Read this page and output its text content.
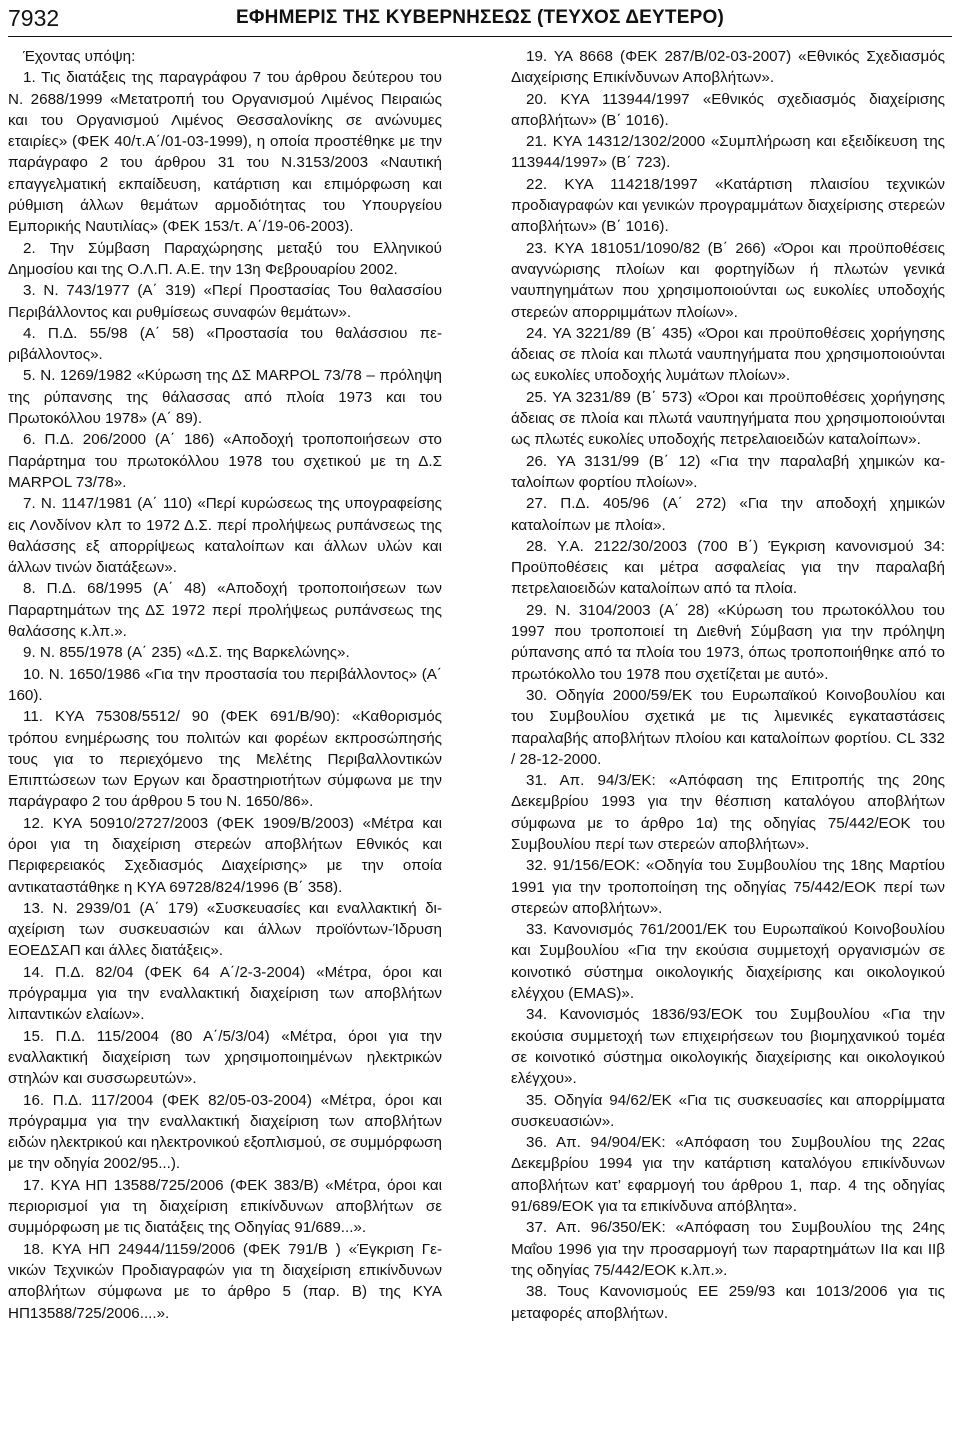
7932	ΕΦΗΜΕΡΙΣ ΤΗΣ ΚΥΒΕΡΝΗΣΕΩΣ (ΤΕΥΧΟΣ ΔΕΥΤΕΡΟ)

Έχοντας υπόψη:

1. Τις διατάξεις της παραγράφου 7 του άρθρου δεύτερου του Ν. 2688/1999 «Μετατροπή του Οργανισμού Λιμένος Πειραιώς και του Οργανισμού Λιμένος Θεσσαλονίκης σε ανώνυμες εταιρίες» (ΦΕΚ 40/τ.Α΄/01-03-1999), η οποία προστέθηκε με την παράγραφο 2 του άρθρου 31 του Ν.3153/2003 «Ναυτική επαγγελματική εκπαίδευση, κατάρτιση και επιμόρφωση και ρύθμιση άλλων θεμάτων αρμοδιότητας του Υπουργείου Εμπορικής Ναυτιλίας» (ΦΕΚ 153/τ. Α΄/19-06-2003).

2. Την Σύμβαση Παραχώρησης μεταξύ του Ελληνικού Δημοσίου και της Ο.Λ.Π. Α.Ε. την 13η Φεβρουαρίου 2002.

3. Ν. 743/1977 (Α΄ 319) «Περί Προστασίας Του θαλασσίου Περιβάλλοντος και ρυθμίσεως συναφών θεμάτων».

4. Π.Δ. 55/98 (Α΄ 58) «Προστασία του θαλάσσιου περιβάλλοντος».

5. Ν. 1269/1982 «Κύρωση της ΔΣ MARPOL 73/78 – πρόληψη της ρύπανσης της θάλασσας από πλοία 1973 και του Πρωτοκόλλου 1978» (Α΄ 89).

6. Π.Δ. 206/2000 (Α΄ 186) «Αποδοχή τροποποιήσεων στο Παράρτημα του πρωτοκόλλου 1978 του σχετικού με τη Δ.Σ MARPOL 73/78».

7. Ν. 1147/1981 (Α΄ 110) «Περί κυρώσεως της υπογραφείσης εις Λονδίνον κλπ το 1972 Δ.Σ. περί προλήψεως ρυπάνσεως της θαλάσσης εξ απορρίψεως καταλοίπων και άλλων υλών και άλλων τινών διατάξεων».

8. Π.Δ. 68/1995 (Α΄ 48) «Αποδοχή τροποποιήσεων των Παραρτημάτων της ΔΣ 1972 περί προλήψεως ρυπάνσεως της θαλάσσης κ.λπ.».

9. Ν. 855/1978 (Α΄ 235) «Δ.Σ. της Βαρκελώνης».

10. Ν. 1650/1986 «Για την προστασία του περιβάλλοντος» (Α΄ 160).

11. ΚΥΑ 75308/5512/ 90 (ΦΕΚ 691/Β/90): «Καθορισμός τρόπου ενημέρωσης του πολιτών και φορέων εκπροσώπησής τους για το περιεχόμενο της Μελέτης Περιβαλλοντικών Επιπτώσεων των Εργων και δραστηριοτήτων σύμφωνα με την παράγραφο 2 του άρθρου 5 του Ν. 1650/86».

12. ΚΥΑ 50910/2727/2003 (ΦΕΚ 1909/Β/2003) «Μέτρα και όροι για τη διαχείριση στερεών αποβλήτων Εθνικός και Περιφερειακός Σχεδιασμός Διαχείρισης» με την οποία αντικαταστάθηκε η ΚΥΑ 69728/824/1996 (Β΄ 358).

13. Ν. 2939/01 (Α΄ 179) «Συσκευασίες και εναλλακτική διαχείριση των συσκευασιών και άλλων προϊόντων-Ίδρυση ΕΟΕΔΣΑΠ και άλλες διατάξεις».

14. Π.Δ. 82/04 (ΦΕΚ 64 Α΄/2-3-2004) «Μέτρα, όροι και πρόγραμμα για την εναλλακτική διαχείριση των αποβλήτων λιπαντικών ελαίων».

15. Π.Δ. 115/2004 (80 Α΄/5/3/04) «Μέτρα, όροι για την εναλλακτική διαχείριση των χρησιμοποιημένων ηλεκτρικών στηλών και συσσωρευτών».

16. Π.Δ. 117/2004 (ΦΕΚ 82/05-03-2004) «Μέτρα, όροι και πρόγραμμα για την εναλλακτική διαχείριση των αποβλήτων ειδών ηλεκτρικού και ηλεκτρονικού εξοπλισμού, σε συμμόρφωση με την οδηγία 2002/95...).

17. ΚΥΑ ΗΠ 13588/725/2006 (ΦΕΚ 383/Β) «Μέτρα, όροι και περιορισμοί για τη διαχείριση επικίνδυνων αποβλήτων σε συμμόρφωση με τις διατάξεις της Οδηγίας 91/689...».

18. ΚΥΑ ΗΠ 24944/1159/2006 (ΦΕΚ 791/Β ) «Έγκριση Γενικών Τεχνικών Προδιαγραφών για τη διαχείριση επικίνδυνων αποβλήτων σύμφωνα με το άρθρο 5 (παρ. Β) της ΚΥΑ ΗΠ13588/725/2006....».

19. ΥΑ 8668 (ΦΕΚ 287/Β/02-03-2007) «Εθνικός Σχεδιασμός Διαχείρισης Επικίνδυνων Αποβλήτων».

20. ΚΥΑ 113944/1997 «Εθνικός σχεδιασμός διαχείρισης αποβλήτων» (Β΄ 1016).

21. ΚΥΑ 14312/1302/2000 «Συμπλήρωση και εξειδίκευση της 113944/1997» (Β΄ 723).

22. ΚΥΑ 114218/1997 «Κατάρτιση πλαισίου τεχνικών προδιαγραφών και γενικών προγραμμάτων διαχείρισης στερεών αποβλήτων» (Β΄ 1016).

23. ΚΥΑ 181051/1090/82 (Β΄ 266) «Όροι και προϋποθέσεις αναγνώρισης πλοίων και φορτηγίδων ή πλωτών γενικά ναυπηγημάτων που χρησιμοποιούνται ως ευκολίες υποδοχής στερεών απορριμμάτων πλοίων».

24. ΥΑ 3221/89 (Β΄ 435) «Όροι και προϋποθέσεις χορήγησης άδειας σε πλοία και πλωτά ναυπηγήματα που χρησιμοποιούνται ως ευκολίες υποδοχής λυμάτων πλοίων».

25. ΥΑ 3231/89 (Β΄ 573) «Όροι και προϋποθέσεις χορήγησης άδειας σε πλοία και πλωτά ναυπηγήματα που χρησιμοποιούνται ως πλωτές ευκολίες υποδοχής πετρελαιοειδών καταλοίπων».

26. ΥΑ 3131/99 (Β΄ 12) «Για την παραλαβή χημικών καταλοίπων φορτίου πλοίων».

27. Π.Δ. 405/96 (Α΄ 272) «Για την αποδοχή χημικών καταλοίπων με πλοία».

28. Υ.Α. 2122/30/2003 (700 Β΄) Έγκριση κανονισμού 34: Προϋποθέσεις και μέτρα ασφαλείας για την παραλαβή πετρελαιοειδών καταλοίπων από τα πλοία.

29. Ν. 3104/2003 (Α΄ 28) «Κύρωση του πρωτοκόλλου του 1997 που τροποποιεί τη Διεθνή Σύμβαση για την πρόληψη ρύπανσης από τα πλοία του 1973, όπως τροποποιήθηκε από το πρωτόκολλο του 1978 που σχετίζεται με αυτό».

30. Οδηγία 2000/59/ΕΚ του Ευρωπαϊκού Κοινοβουλίου και του Συμβουλίου σχετικά με τις λιμενικές εγκαταστάσεις παραλαβής αποβλήτων πλοίου και καταλοίπων φορτίου. CL 332 / 28-12-2000.

31. Απ. 94/3/ΕΚ: «Απόφαση της Επιτροπής της 20ης Δεκεμβρίου 1993 για την θέσπιση καταλόγου αποβλήτων σύμφωνα με το άρθρο 1α) της οδηγίας 75/442/ΕΟΚ του Συμβουλίου περί των στερεών αποβλήτων».

32. 91/156/ΕΟΚ: «Οδηγία του Συμβουλίου της 18ης Μαρτίου 1991 για την τροποποίηση της οδηγίας 75/442/ΕΟΚ περί των στερεών αποβλήτων».

33. Κανονισμός 761/2001/ΕΚ του Ευρωπαϊκού Κοινοβουλίου και Συμβουλίου «Για την εκούσια συμμετοχή οργανισμών σε κοινοτικό σύστημα οικολογικής διαχείρισης και οικολογικού ελέγχου (EMAS)».

34. Κανονισμός 1836/93/ΕΟΚ του Συμβουλίου «Για την εκούσια συμμετοχή των επιχειρήσεων του βιομηχανικού τομέα σε κοινοτικό σύστημα οικολογικής διαχείρισης και οικολογικού ελέγχου».

35. Οδηγία 94/62/ΕΚ «Για τις συσκευασίες και απορρίμματα συσκευασιών».

36. Απ. 94/904/ΕΚ: «Απόφαση του Συμβουλίου της 22ας Δεκεμβρίου 1994 για την κατάρτιση καταλόγου επικίνδυνων αποβλήτων κατ’ εφαρμογή του άρθρου 1, παρ. 4 της οδηγίας 91/689/ΕΟΚ για τα επικίνδυνα απόβλητα».

37. Απ. 96/350/ΕΚ: «Απόφαση του Συμβουλίου της 24ης Μαΐου 1996 για την προσαρμογή των παραρτημάτων ΙΙα και ΙΙβ της οδηγίας 75/442/ΕΟΚ κ.λπ.».

38. Τους Κανονισμούς ΕΕ 259/93 και 1013/2006 για τις μεταφορές αποβλήτων.
